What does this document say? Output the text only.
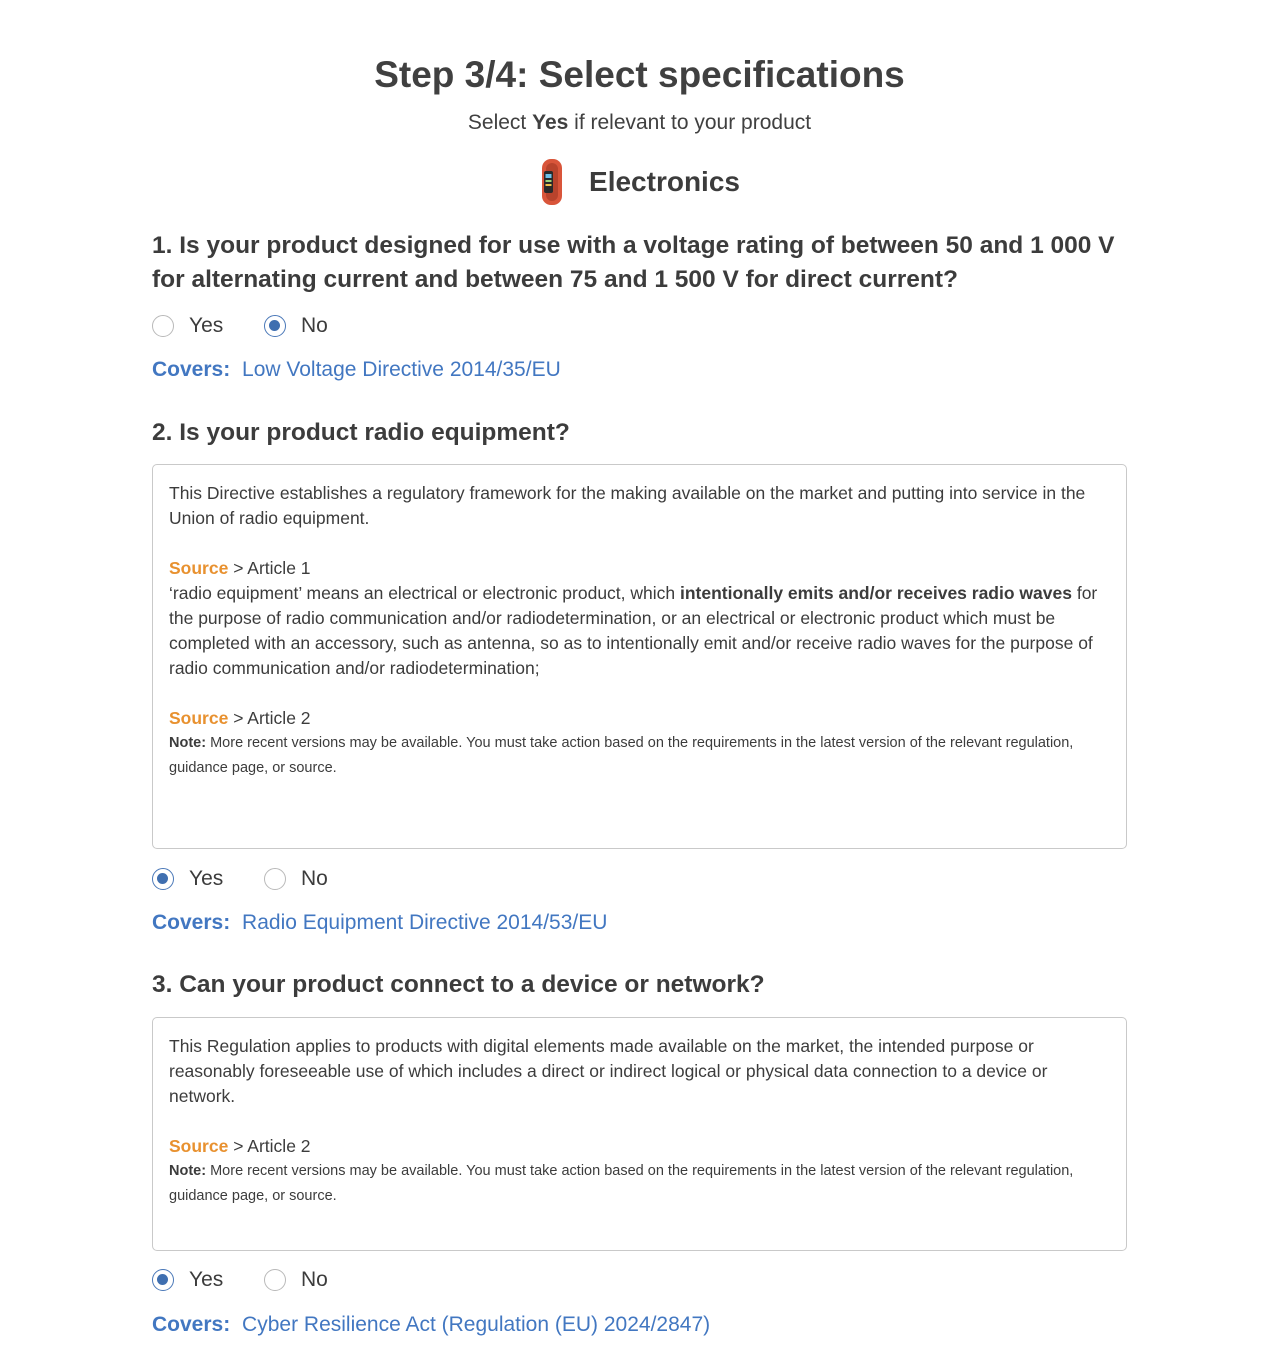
Step 3/4: Select specifications
Select Yes if relevant to your product
Electronics
1. Is your product designed for use with a voltage rating of between 50 and 1 000 V for alternating current and between 75 and 1 500 V for direct current?
Yes	No
Covers: Low Voltage Directive 2014/35/EU
2. Is your product radio equipment?

This Directive establishes a regulatory framework for the making available on the market and putting into service in the Union of radio equipment.

Source > Article 1

‘radio equipment’ means an electrical or electronic product, which intentionally emits and/or receives radio waves for the purpose of radio communication and/or radiodetermination, or an electrical or electronic product which must be completed with an accessory, such as antenna, so as to intentionally emit and/or receive radio waves for the purpose of radio communication and/or radiodetermination;

Source > Article 2

Note: More recent versions may be available. You must take action based on the requirements in the latest version of the relevant regulation, guidance page, or source.

Yes	No
Covers: Radio Equipment Directive 2014/53/EU
3. Can your product connect to a device or network?

This Regulation applies to products with digital elements made available on the market, the intended purpose or reasonably foreseeable use of which includes a direct or indirect logical or physical data connection to a device or network.

Source > Article 2

Note: More recent versions may be available. You must take action based on the requirements in the latest version of the relevant regulation, guidance page, or source.

Yes	No
Covers: Cyber Resilience Act (Regulation (EU) 2024/2847)
